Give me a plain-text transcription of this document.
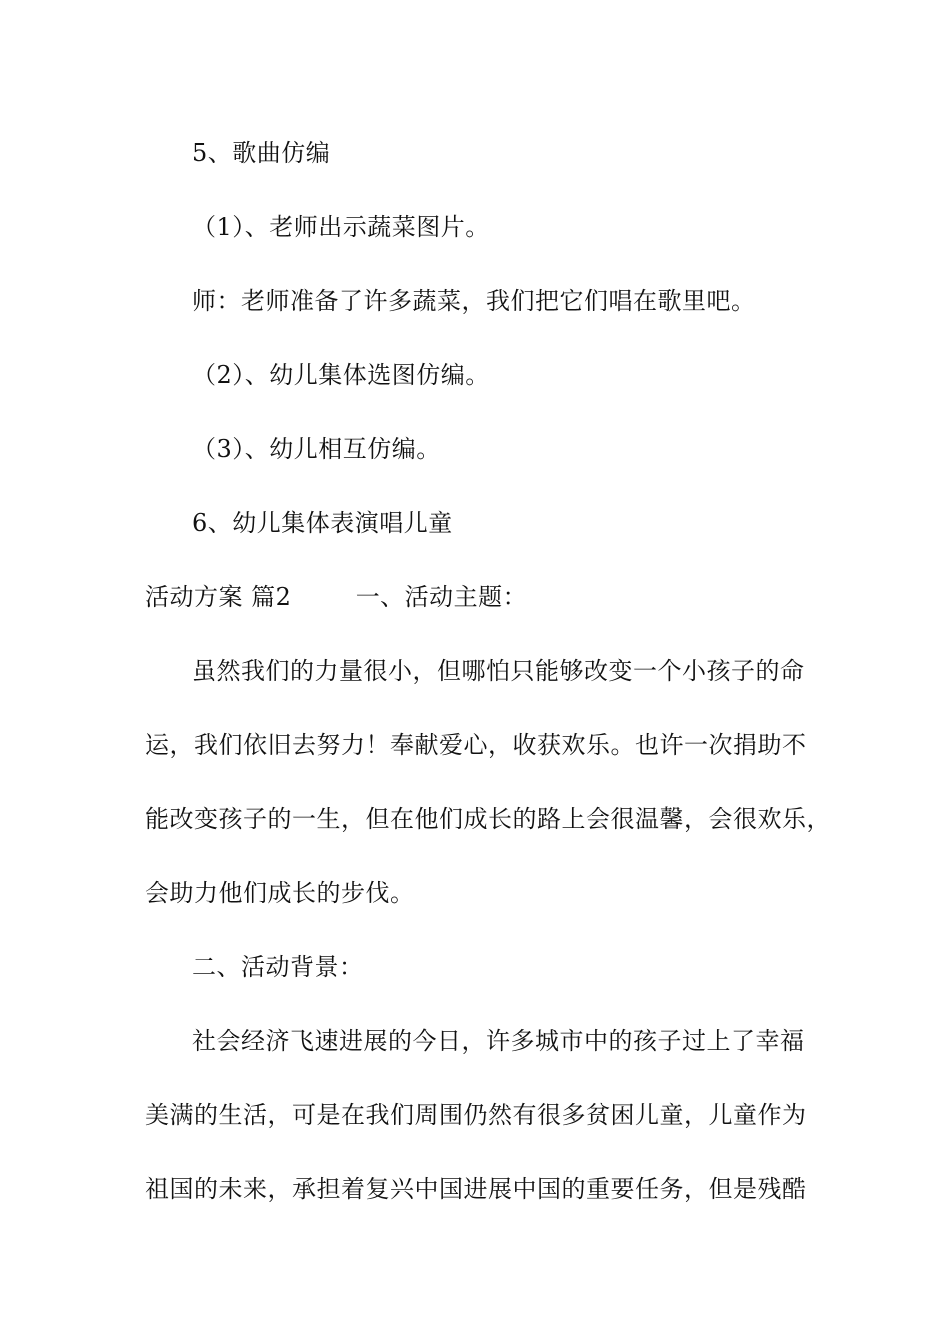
5、歌曲仿编
（1）、老师出示蔬菜图片。
师：老师准备了许多蔬菜，我们把它们唱在歌里吧。
（2）、幼儿集体选图仿编。
（3）、幼儿相互仿编。
6、幼儿集体表演唱儿童
活动方案 篇2	一、活动主题：
虽然我们的力量很小，但哪怕只能够改变一个小孩子的命
运，我们依旧去努力！奉献爱心，收获欢乐。也许一次捐助不
能改变孩子的一生，但在他们成长的路上会很温馨，会很欢乐，
会助力他们成长的步伐。
二、活动背景：
社会经济飞速进展的今日，许多城市中的孩子过上了幸福
美满的生活，可是在我们周围仍然有很多贫困儿童，儿童作为
祖国的未来，承担着复兴中国进展中国的重要任务，但是残酷
